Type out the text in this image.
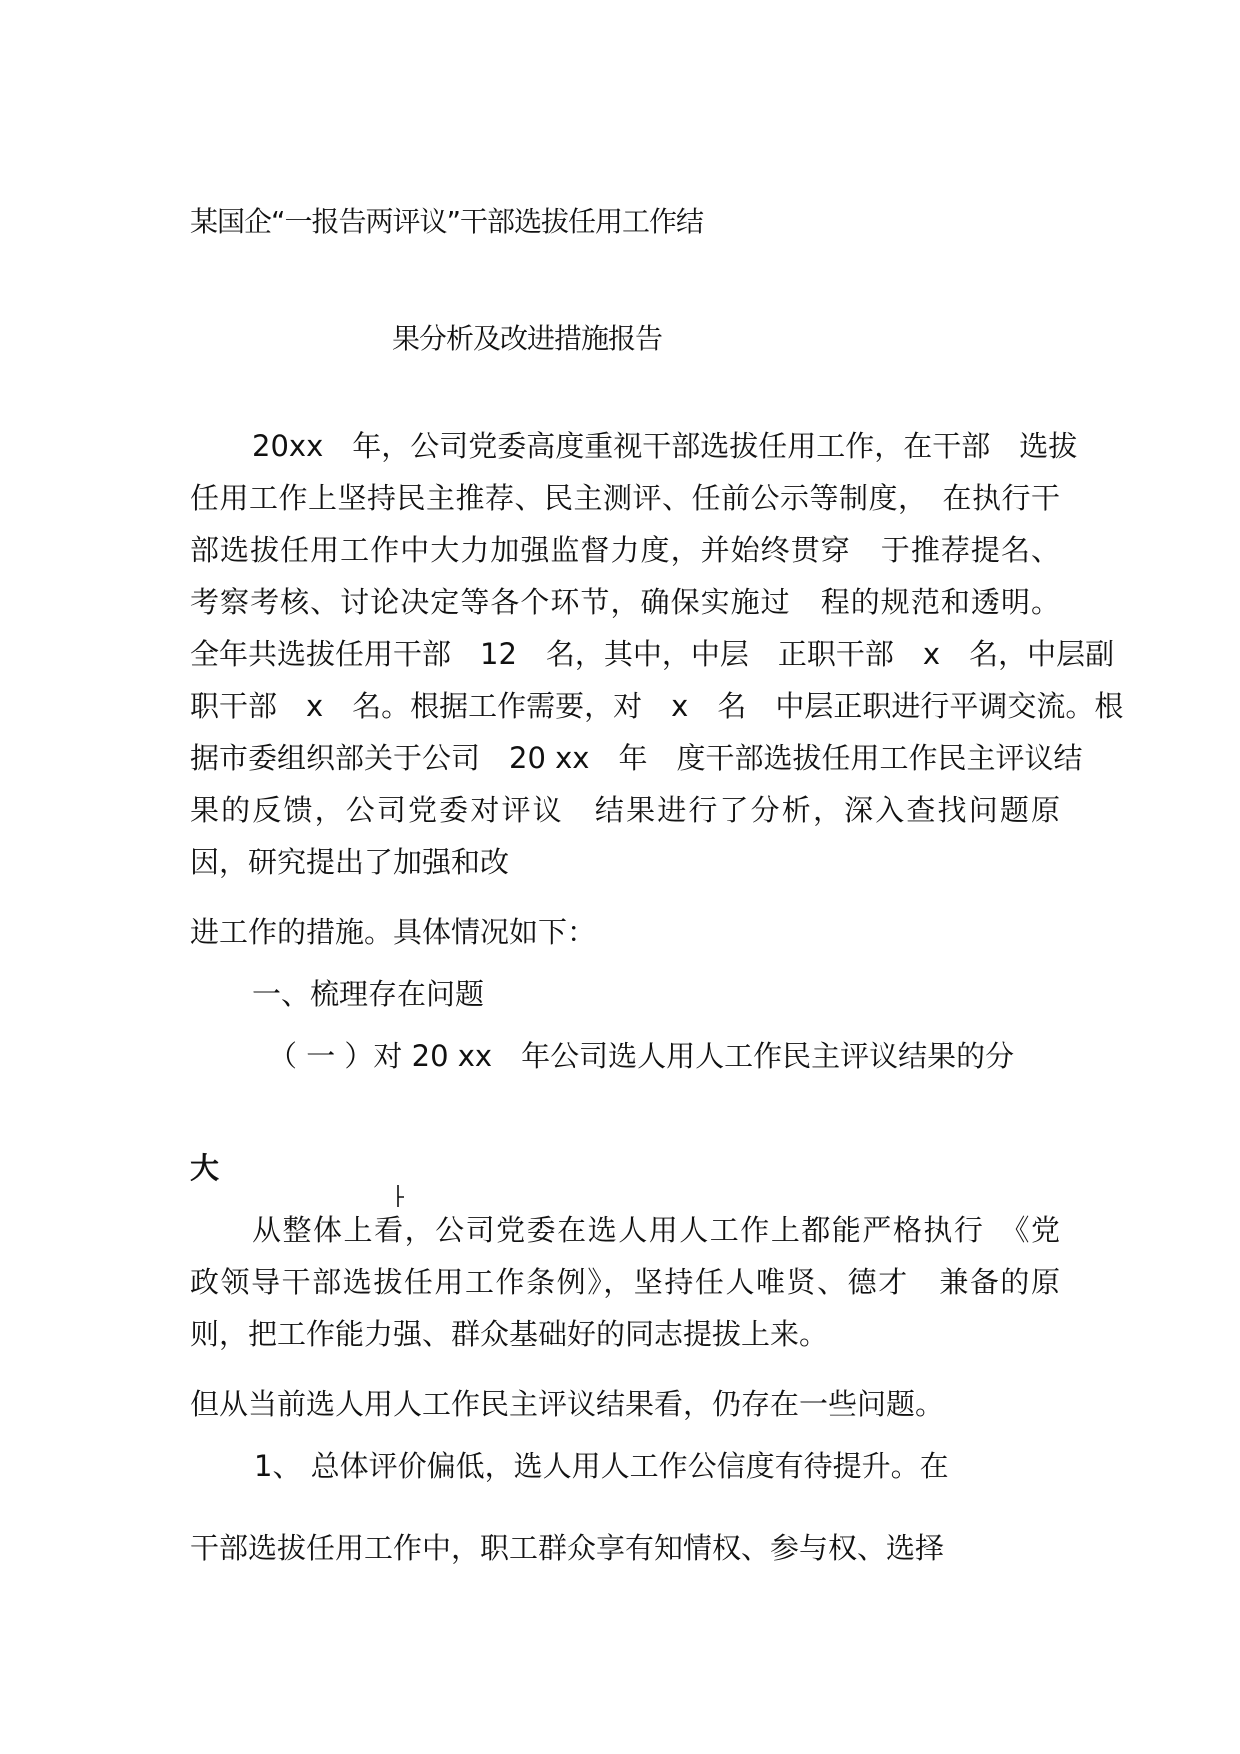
某国企“一报告两评议”干部选拔任用工作结
果分析及改进措施报告
20xx　年，公司党委高度重视干部选拔任用工作，在干部　选拔
任用工作上坚持民主推荐、民主测评、任前公示等制度，　在执行干
部选拔任用工作中大力加强监督力度，并始终贯穿　于推荐提名、
考察考核、讨论决定等各个环节，确保实施过　程的规范和透明。
全年共选拔任用干部　12　名，其中，中层　正职干部　x　名，中层副
职干部　x　名。根据工作需要，对　x　名　中层正职进行平调交流。根
据市委组织部关于公司　20 xx　年　度干部选拔任用工作民主评议结
果的反馈，公司党委对评议　结果进行了分析，深入查找问题原
因，研究提出了加强和改
进工作的措施。具体情况如下：
一、梳理存在问题
（ 一 ）对 20 xx　年公司选人用人工作民主评议结果的分
大
从整体上看，公司党委在选人用人工作上都能严格执行　《党
政领导干部选拔任用工作条例》，坚持任人唯贤、德才　兼备的原
则，把工作能力强、群众基础好的同志提拔上来。
但从当前选人用人工作民主评议结果看，仍存在一些问题。
1、 总体评价偏低，选人用人工作公信度有待提升。在
干部选拔任用工作中，职工群众享有知情权、参与权、选择
